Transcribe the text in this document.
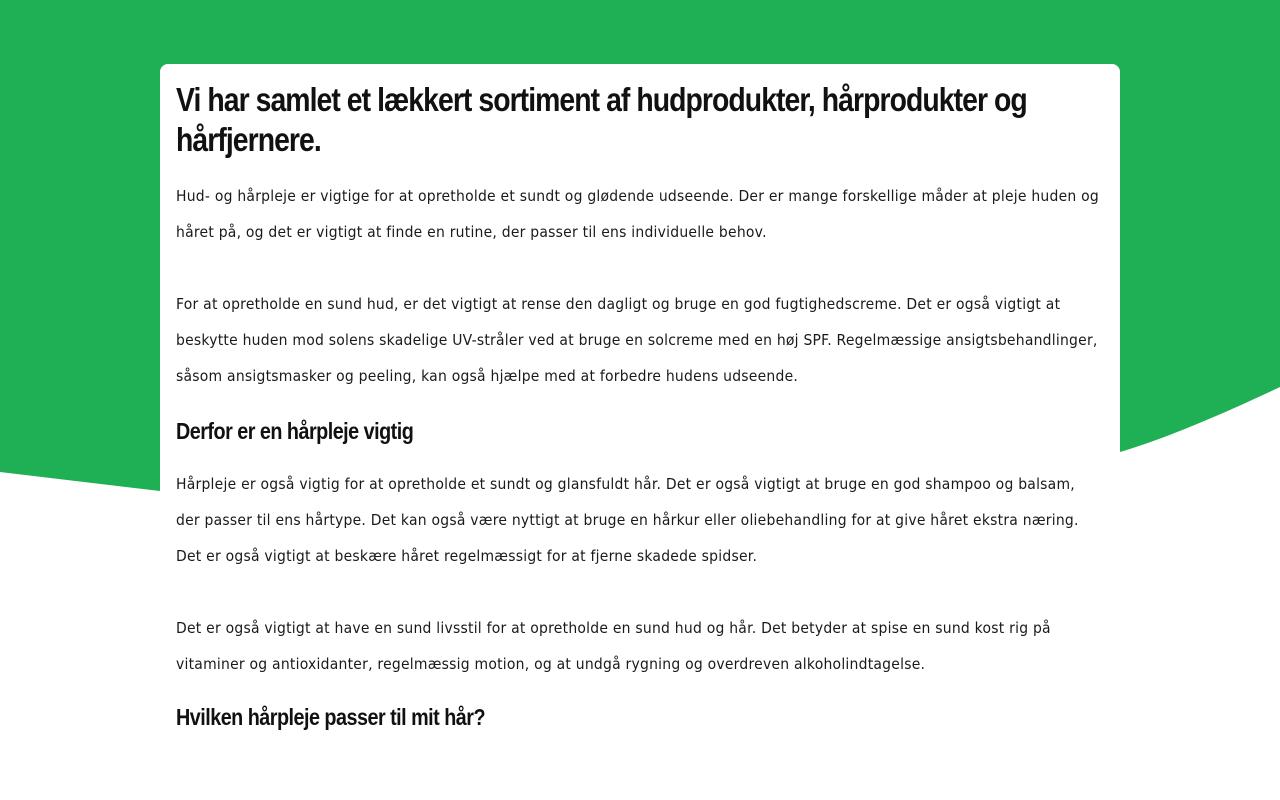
Vi har samlet et lækkert sortiment af hudprodukter, hårprodukter og hårfjernere.

Hud- og hårpleje er vigtige for at opretholde et sundt og glødende udseende. Der er mange forskellige måder at pleje huden og håret på, og det er vigtigt at finde en rutine, der passer til ens individuelle behov.

For at opretholde en sund hud, er det vigtigt at rense den dagligt og bruge en god fugtighedscreme. Det er også vigtigt at beskytte huden mod solens skadelige UV-stråler ved at bruge en solcreme med en høj SPF. Regelmæssige ansigtsbehandlinger, såsom ansigtsmasker og peeling, kan også hjælpe med at forbedre hudens udseende.

Derfor er en hårpleje vigtig

Hårpleje er også vigtig for at opretholde et sundt og glansfuldt hår. Det er også vigtigt at bruge en god shampoo og balsam, der passer til ens hårtype. Det kan også være nyttigt at bruge en hårkur eller oliebehandling for at give håret ekstra næring. Det er også vigtigt at beskære håret regelmæssigt for at fjerne skadede spidser.

Det er også vigtigt at have en sund livsstil for at opretholde en sund hud og hår. Det betyder at spise en sund kost rig på vitaminer og antioxidanter, regelmæssig motion, og at undgå rygning og overdreven alkoholindtagelse.

Hvilken hårpleje passer til mit hår?
